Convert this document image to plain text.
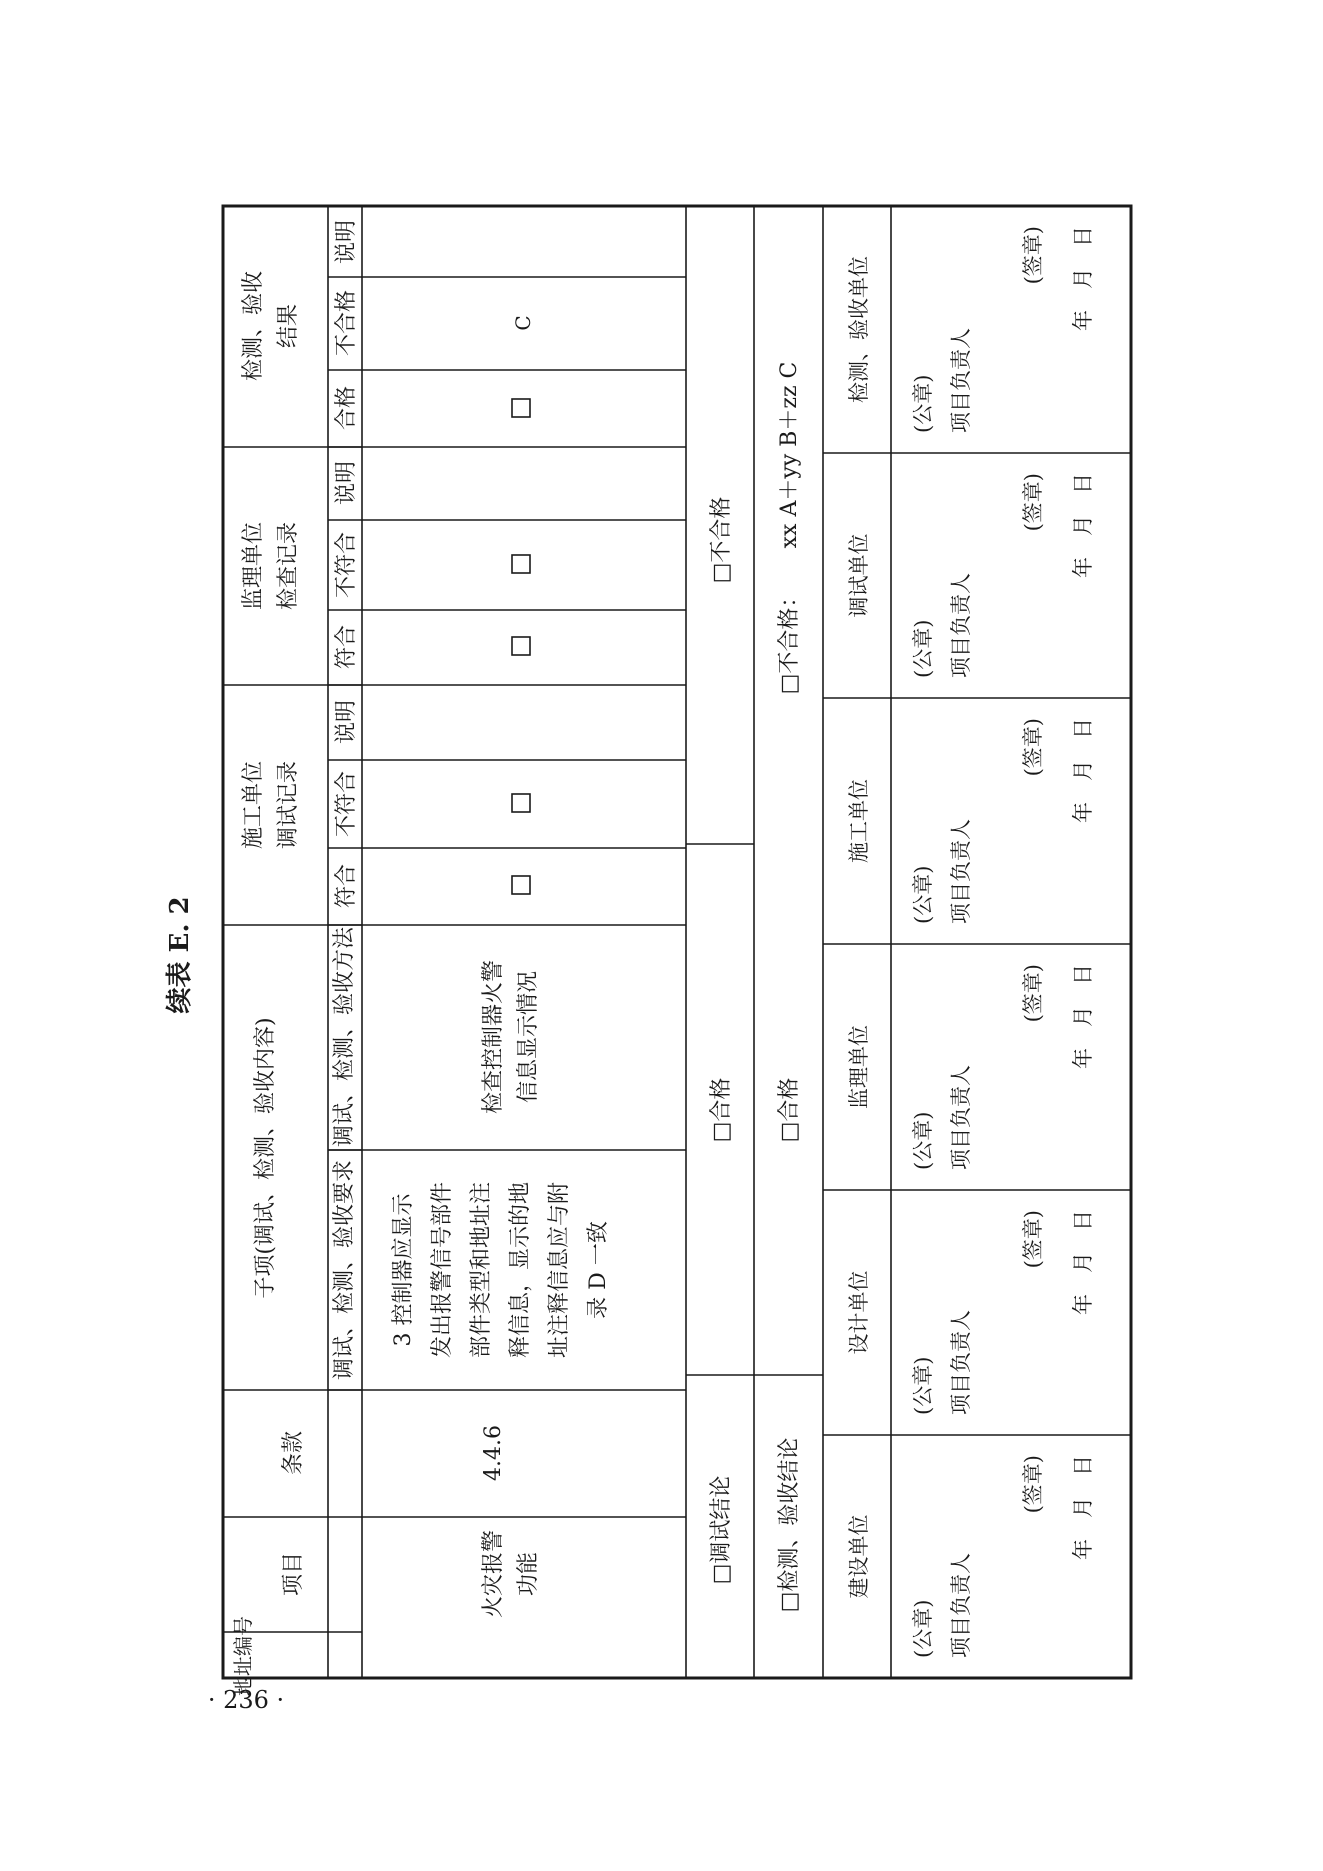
续表 E. 2
· 236 ·
地址编号
项目
条款
子项(调试、检测、验收内容) 调试、检测、验收要求
调试、检测、验收方法
施工单位 调试记录
监理单位 检查记录
检测、验收 结果
符合
不符合
说明
符合
不符合
说明
合格
不合格
说明
火灾报警 功能
4.4.6
3 控制器应显示 发出报警信号部件 部件类型和地址注 释信息，显示的地 址注释信息应与附 录 D 一致
检查控制器火警 信息显示情况
C
□调试结论
□合格
□不合格
□检测、验收结论
□合格
□不合格：
xx A＋yy B＋zz C
建设单位
(公章) 项目负责人
(签章) 年　月　日
设计单位
(公章) 项目负责人
(签章) 年　月　日
监理单位
(公章) 项目负责人
(签章) 年　月　日
施工单位
(公章) 项目负责人
(签章) 年　月　日
调试单位
(公章) 项目负责人
(签章) 年　月　日
检测、验收单位
(公章) 项目负责人
(签章) 年　月　日
